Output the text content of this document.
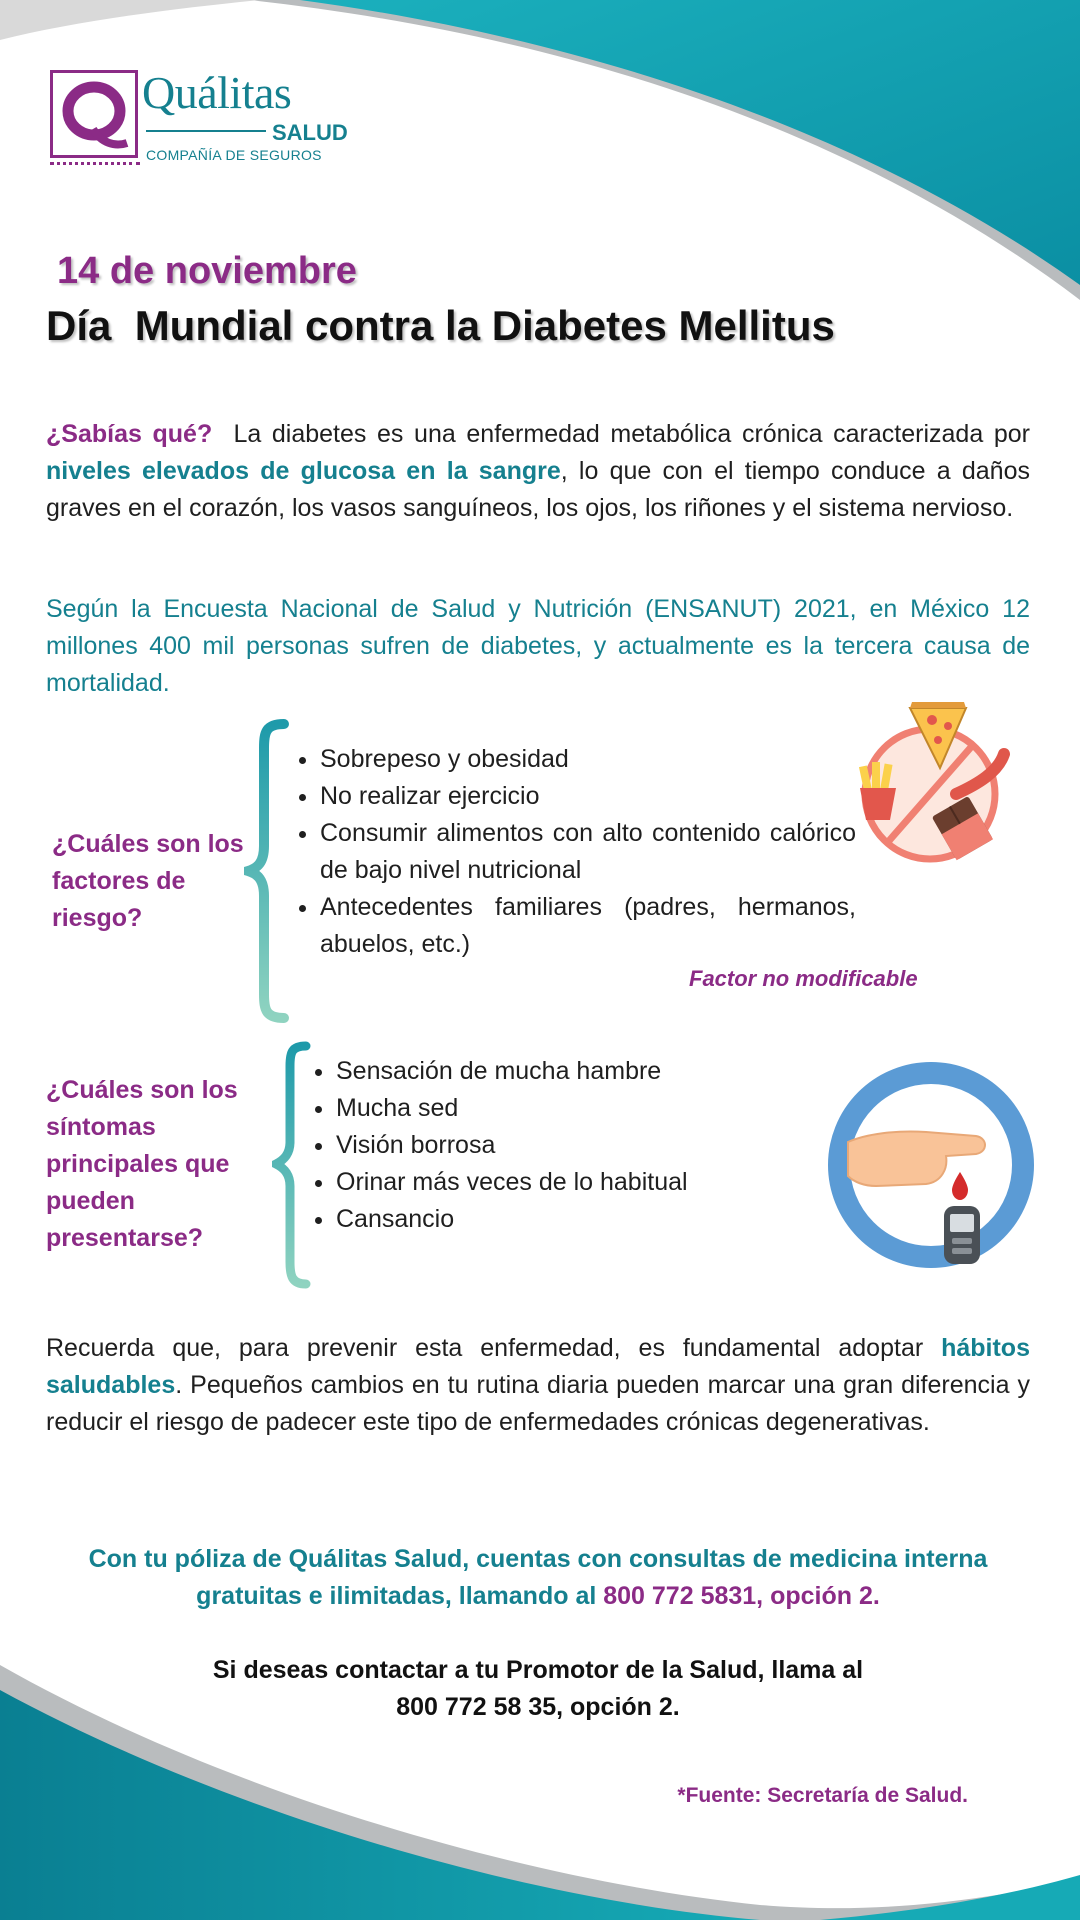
Quálitas
SALUD
COMPAÑÍA DE SEGUROS
14 de noviembre
Día  Mundial contra la Diabetes Mellitus
¿Sabías qué?  La diabetes es una enfermedad metabólica crónica caracterizada por niveles elevados de glucosa en la sangre, lo que con el tiempo conduce a daños graves en el corazón, los vasos sanguíneos, los ojos, los riñones y el sistema nervioso.
Según la Encuesta Nacional de Salud y Nutrición (ENSANUT) 2021, en México 12 millones 400 mil personas sufren de diabetes, y actualmente es la tercera causa de mortalidad.
¿Cuáles son los factores de riesgo?
• Sobrepeso y obesidad
• No realizar ejercicio
• Consumir alimentos con alto contenido calórico de bajo nivel nutricional
• Antecedentes familiares (padres, hermanos, abuelos, etc.)
Factor no modificable
¿Cuáles son los síntomas principales que pueden presentarse?
• Sensación de mucha hambre
• Mucha sed
• Visión borrosa
• Orinar más veces de lo habitual
• Cansancio
Recuerda que, para prevenir esta enfermedad, es fundamental adoptar hábitos saludables. Pequeños cambios en tu rutina diaria pueden marcar una gran diferencia y reducir el riesgo de padecer este tipo de enfermedades crónicas degenerativas.
Con tu póliza de Quálitas Salud, cuentas con consultas de medicina interna gratuitas e ilimitadas, llamando al 800 772 5831, opción 2.
Si deseas contactar a tu Promotor de la Salud, llama al
800 772 58 35, opción 2.
*Fuente: Secretaría de Salud.
